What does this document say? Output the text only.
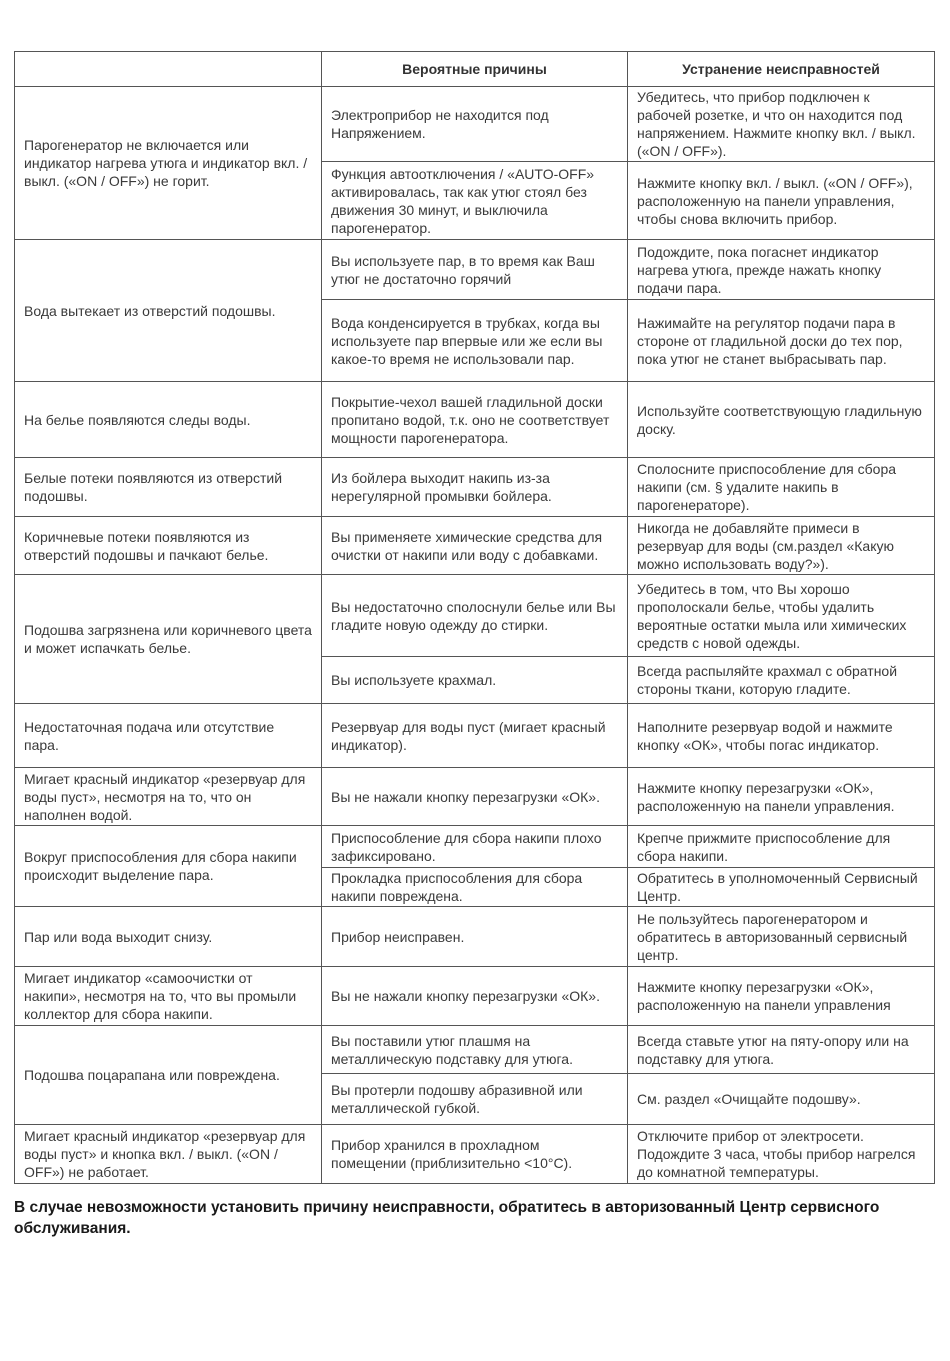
	Вероятные причины	Устранение неисправностей
Парогенератор не включается или индикатор нагрева утюга и индикатор вкл. / выкл. («ON / OFF») не горит.	Электроприбор не находится под Напряжением.	Убедитесь, что прибор подключен к рабочей розетке, и что он находится под напряжением. Нажмите кнопку вкл. / выкл. («ON / OFF»).
	Функция автоотключения / «AUTO-OFF» активировалась, так как утюг стоял без движения 30 минут, и выключила парогенератор.	Нажмите кнопку вкл. / выкл. («ON / OFF»), расположенную на панели управления, чтобы снова включить прибор.
Вода вытекает из отверстий подошвы.	Вы используете пар, в то время как Ваш утюг не достаточно горячий	Подождите, пока погаснет индикатор нагрева утюга, прежде нажать кнопку подачи пара.
	Вода конденсируется в трубках, когда вы используете пар впервые или же если вы какое-то время не использовали пар.	Нажимайте на регулятор подачи пара в стороне от гладильной доски до тех пор, пока утюг не станет выбрасывать пар.
На белье появляются следы воды.	Покрытие-чехол вашей гладильной доски пропитано водой, т.к. оно не соответствует мощности парогенератора.	Используйте соответствующую гладильную доску.
Белые потеки появляются из отверстий подошвы.	Из бойлера выходит накипь из-за нерегулярной промывки бойлера.	Сполосните приспособление для сбора накипи (см. § удалите накипь в парогенераторе).
Коричневые потеки появляются из отверстий подошвы и пачкают белье.	Вы применяете химические средства для очистки от накипи или воду с добавками.	Никогда не добавляйте примеси в резервуар для воды (см.раздел «Какую можно использовать воду?»).
Подошва загрязнена или коричневого цвета и может испачкать белье.	Вы недостаточно сполоснули белье или Вы гладите новую одежду до стирки.	Убедитесь в том, что Вы хорошо прополоскали белье, чтобы удалить вероятные остатки мыла или химических средств с новой одежды.
	Вы используете крахмал.	Всегда распыляйте крахмал с обратной стороны ткани, которую гладите.
Недостаточная подача или отсутствие пара.	Резервуар для воды пуст (мигает красный индикатор).	Наполните резервуар водой и нажмите кнопку «ОК», чтобы погас индикатор.
Мигает красный индикатор «резервуар для воды пуст», несмотря на то, что он наполнен водой.	Вы не нажали кнопку перезагрузки «ОК».	Нажмите кнопку перезагрузки «ОК», расположенную на панели управления.
Вокруг приспособления для сбора накипи происходит выделение пара.	Приспособление для сбора накипи плохо зафиксировано.	Крепче прижмите приспособление для сбора накипи.
	Прокладка приспособления для сбора накипи повреждена.	Обратитесь в уполномоченный Сервисный Центр.
Пар или вода выходит снизу.	Прибор неисправен.	Не пользуйтесь парогенератором и обратитесь в авторизованный сервисный центр.
Мигает индикатор «самоочистки от накипи», несмотря на то, что вы промыли коллектор для сбора накипи.	Вы не нажали кнопку перезагрузки «ОК».	Нажмите кнопку перезагрузки «ОК», расположенную на панели управления
Подошва поцарапана или повреждена.	Вы поставили утюг плашмя на металлическую подставку для утюга.	Всегда ставьте утюг на пяту-опору или на подставку для утюга.
	Вы протерли подошву абразивной или металлической губкой.	См. раздел «Очищайте подошву».
Мигает красный индикатор «резервуар для воды пуст» и кнопка вкл. / выкл. («ON / OFF») не работает.	Прибор хранился в прохладном помещении (приблизительно <10°C).	Отключите прибор от электросети. Подождите 3 часа, чтобы прибор нагрелся до комнатной температуры.
В случае невозможности установить причину неисправности, обратитесь в авторизованный Центр сервисного обслуживания.
